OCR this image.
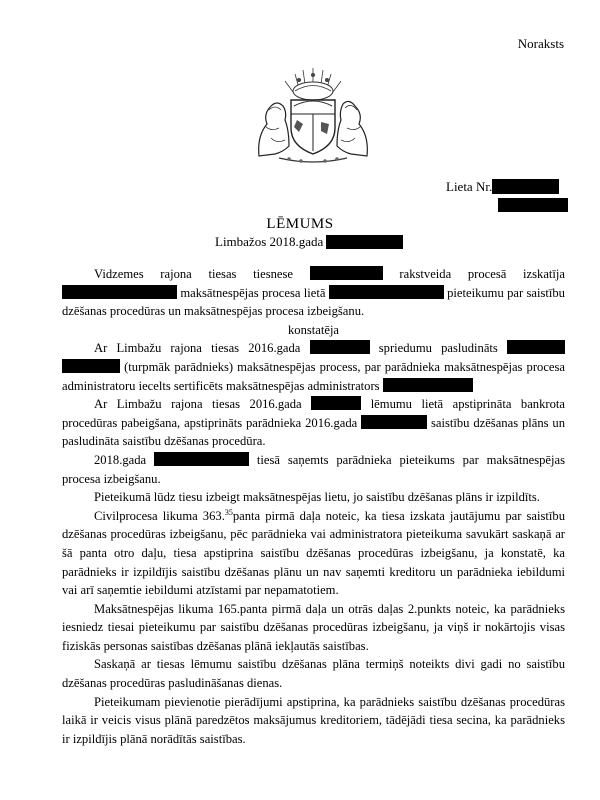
Noraksts
Lieta Nr.
LĒMUMS
Limbažos 2018.gada

Vidzemes rajona tiesas tiesnese	rakstveida procesā izskatīja  maksātnespējas procesa lietā	pieteikumu par saistību dzēšanas procedūras un maksātnespējas procesa izbeigšanu.

konstatēja

Ar Limbažu rajona tiesas 2016.gada	spriedumu pasludināts   (turpmāk parādnieks) maksātnespējas process, par parādnieka maksātnespējas procesa administratoru iecelts sertificēts maksātnespējas administrators

Ar Limbažu rajona tiesas 2016.gada	lēmumu lietā apstiprināta bankrota procedūras pabeigšana, apstiprināts parādnieka 2016.gada	saistību dzēšanas plāns un pasludināta saistību dzēšanas procedūra.

2018.gada	tiesā saņemts parādnieka pieteikums par maksātnespējas procesa izbeigšanu.

Pieteikumā lūdz tiesu izbeigt maksātnespējas lietu, jo saistību dzēšanas plāns ir izpildīts.

Civilprocesa likuma 363.35panta pirmā daļa noteic, ka tiesa izskata jautājumu par saistību dzēšanas procedūras izbeigšanu, pēc parādnieka vai administratora pieteikuma savukārt saskaņā ar šā panta otro daļu, tiesa apstiprina saistību dzēšanas procedūras izbeigšanu, ja konstatē, ka parādnieks ir izpildījis saistību dzēšanas plānu un nav saņemti kreditoru un parādnieka iebildumi vai arī saņemtie iebildumi atzīstami par nepamatotiem.

Maksātnespējas likuma 165.panta pirmā daļa un otrās daļas 2.punkts noteic, ka parādnieks iesniedz tiesai pieteikumu par saistību dzēšanas procedūras izbeigšanu, ja viņš ir nokārtojis visas fiziskās personas saistības dzēšanas plānā iekļautās saistības.

Saskaņā ar tiesas lēmumu saistību dzēšanas plāna termiņš noteikts divi gadi no saistību dzēšanas procedūras pasludināšanas dienas.

Pieteikumam pievienotie pierādījumi apstiprina, ka parādnieks saistību dzēšanas procedūras laikā ir veicis visus plānā paredzētos maksājumus kreditoriem, tādējādi tiesa secina, ka parādnieks ir izpildījis plānā norādītās saistības.
